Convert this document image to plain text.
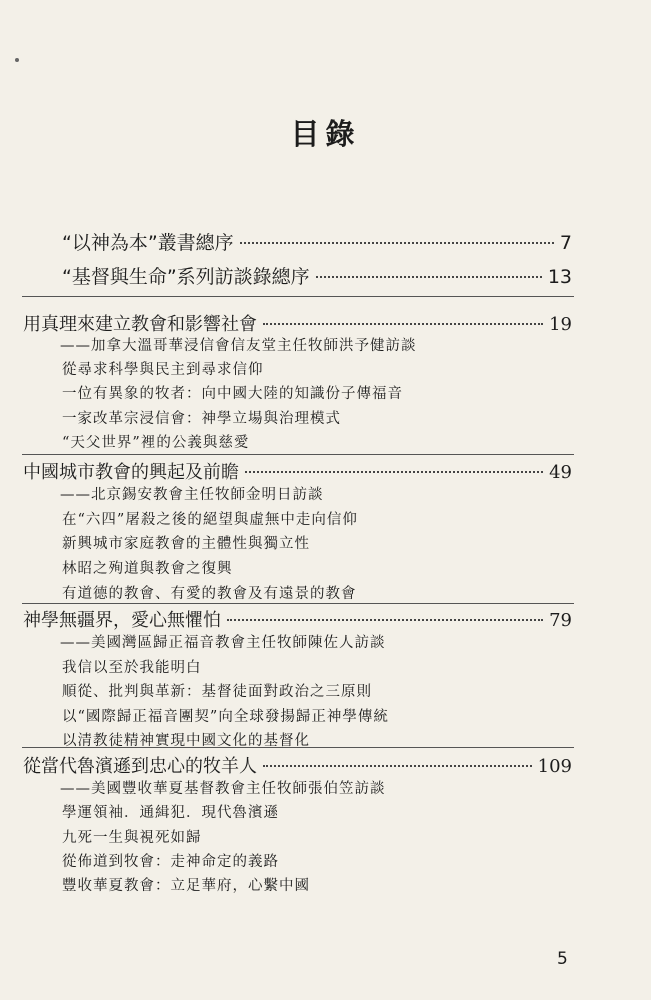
目錄
“以神為本”叢書總序	7
“基督與生命”系列訪談錄總序	13
用真理來建立教會和影響社會	19
——加拿大溫哥華浸信會信友堂主任牧師洪予健訪談
從尋求科學與民主到尋求信仰
一位有異象的牧者：向中國大陸的知識份子傳福音
一家改革宗浸信會：神學立場與治理模式
“天父世界”裡的公義與慈愛
中國城市教會的興起及前瞻	49
——北京錫安教會主任牧師金明日訪談
在“六四”屠殺之後的絕望與虛無中走向信仰
新興城市家庭教會的主體性與獨立性
林昭之殉道與教會之復興
有道德的教會、有愛的教會及有遠景的教會
神學無疆界，愛心無懼怕	79
——美國灣區歸正福音教會主任牧師陳佐人訪談
我信以至於我能明白
順從、批判與革新：基督徒面對政治之三原則
以“國際歸正福音團契”向全球發揚歸正神學傳統
以清教徒精神實現中國文化的基督化
從當代魯濱遜到忠心的牧羊人	109
——美國豐收華夏基督教會主任牧師張伯笠訪談
學運領袖．通緝犯．現代魯濱遜
九死一生與視死如歸
從佈道到牧會：走神命定的義路
豐收華夏教會：立足華府，心繫中國
5
